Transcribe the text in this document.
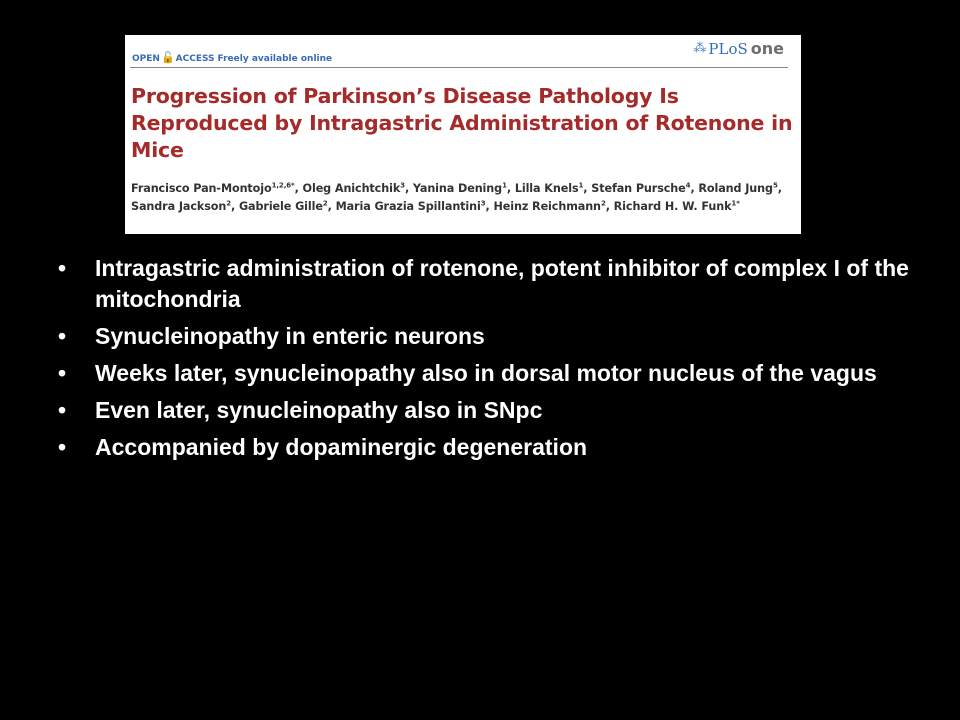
OPEN🔓ACCESS Freely available online
⁂ PLoS one
Progression of Parkinson’s Disease Pathology Is Reproduced by Intragastric Administration of Rotenone in Mice
Francisco Pan-Montojo$^{1,2,6*}$, Oleg Anichtchik$^3$, Yanina Dening$^1$, Lilla Knels$^1$, Stefan Pursche$^4$, Roland Jung$^5$, Sandra Jackson$^2$, Gabriele Gille$^2$, Maria Grazia Spillantini$^3$, Heinz Reichmann$^2$, Richard H. W. Funk$^{1*}$
• Intragastric administration of rotenone, potent inhibitor of complex I of the mitochondria
• Synucleinopathy in enteric neurons
• Weeks later, synucleinopathy also in dorsal motor nucleus of the vagus
• Even later, synucleinopathy also in SNpc
• Accompanied by dopaminergic degeneration
